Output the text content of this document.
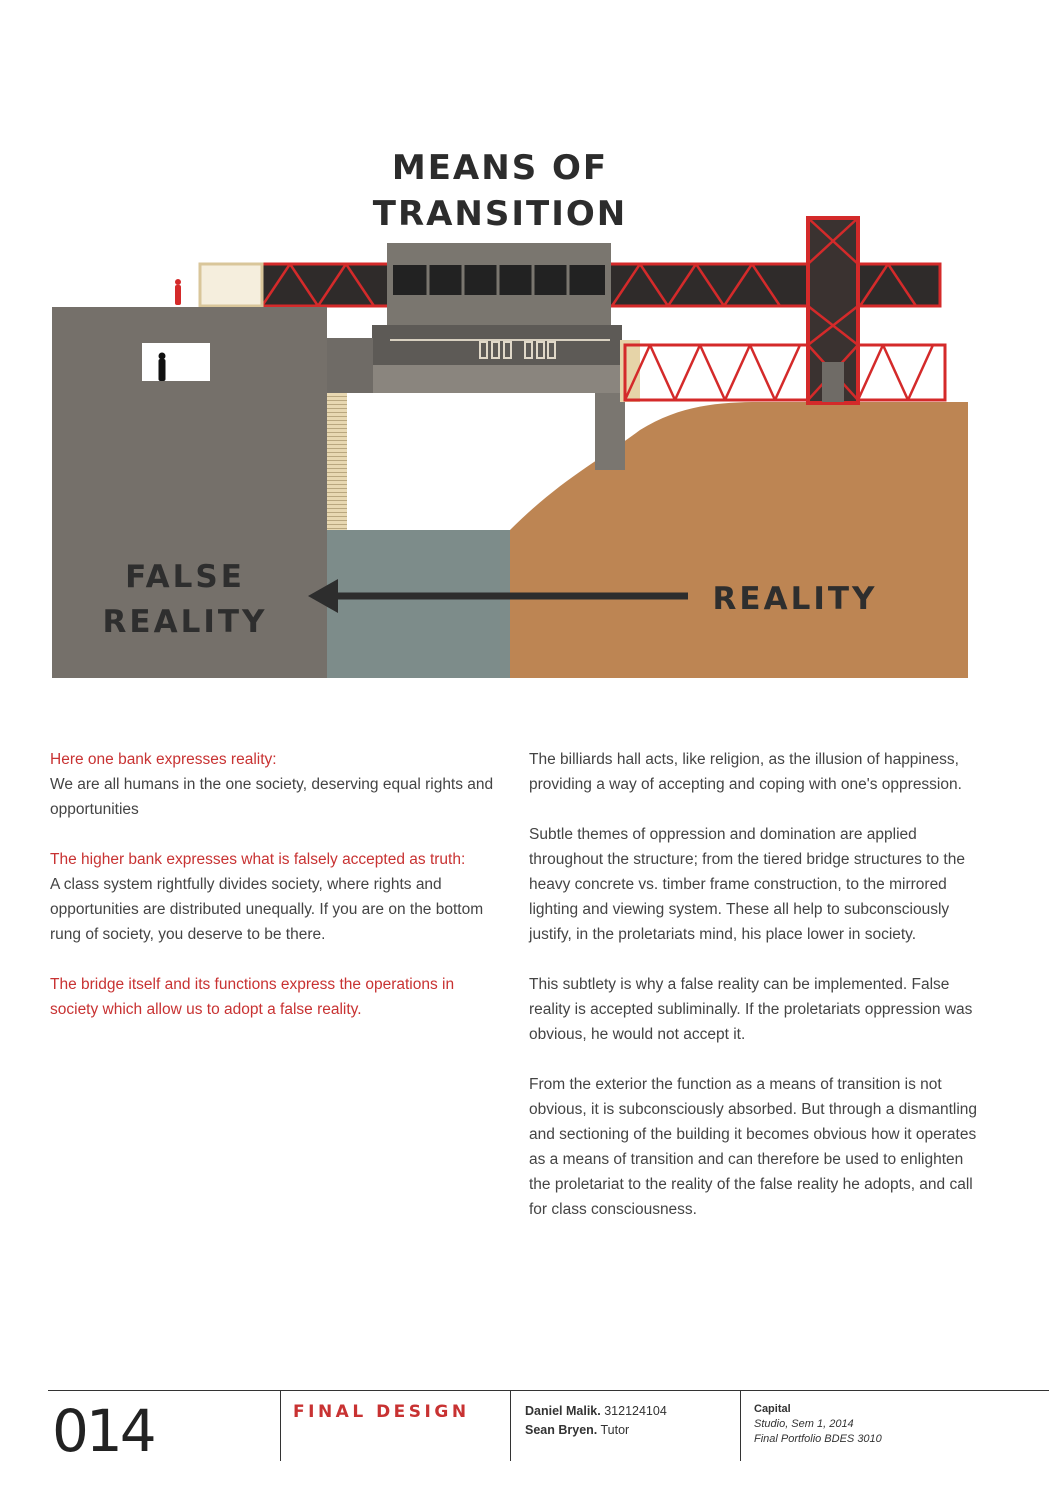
MEANS OF
TRANSITION
FALSE
REALITY
REALITY

Here one bank expresses reality:
We are all humans in the one society, deserving equal rights and opportunities

The higher bank expresses what is falsely accepted as truth:
A class system rightfully divides society, where rights and opportunities are distributed unequally. If you are on the bottom rung of society, you deserve to be there.

The bridge itself and its functions express the operations in society which allow us to adopt a false reality.

The billiards hall acts, like religion, as the illusion of happiness, providing a way of accepting and coping with one's oppression.

Subtle themes of oppression and domination are applied throughout the structure; from the tiered bridge structures to the heavy concrete vs. timber frame construction, to the mirrored lighting and viewing system. These all help to subconsciously justify, in the proletariats mind, his place lower in society.

This subtlety is why a false reality can be implemented. False reality is accepted subliminally. If the proletariats oppression was obvious, he would not accept it.

From the exterior the function as a means of transition is not obvious, it is subconsciously absorbed. But through a dismantling and sectioning of the building it becomes obvious how it operates as a means of transition and can therefore be used to enlighten the proletariat to the reality of the false reality he adopts, and call for class consciousness.

014	FINAL DESIGN	Daniel Malik. 312124104
Sean Bryen. Tutor
Capital
Studio, Sem 1, 2014
Final Portfolio BDES 3010
